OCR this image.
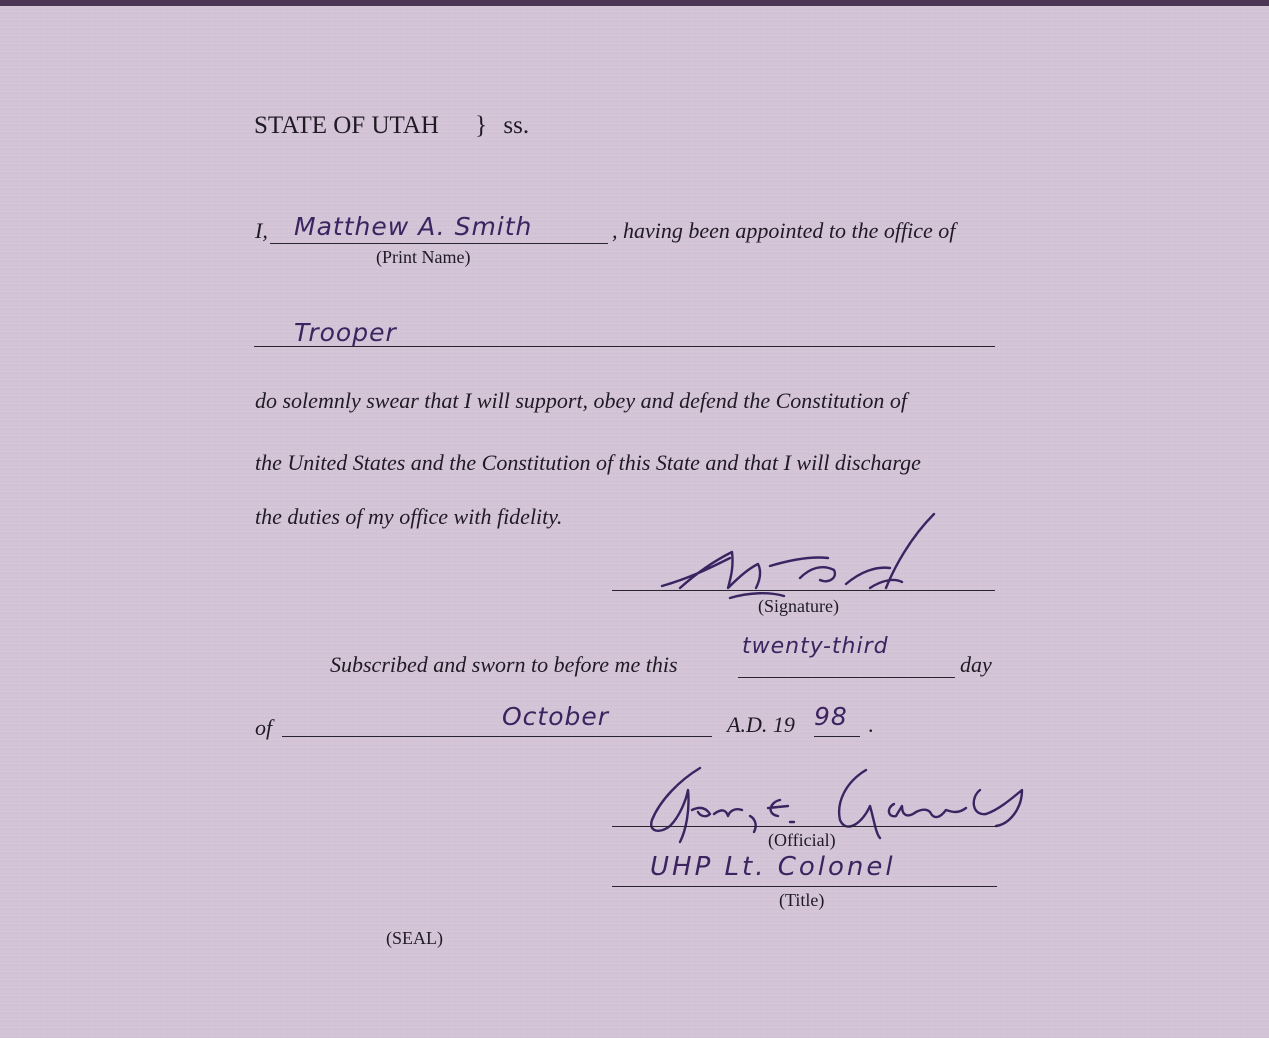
STATE OF UTAH } ss.
I, Matthew A. Smith	, having been appointed to the office of
(Print Name)
Trooper
do solemnly swear that I will support, obey and defend the Constitution of
the United States and the Constitution of this State and that I will discharge
the duties of my office with fidelity.
(Signature)
Subscribed and sworn to before me this
twenty-third
day
of	October	A.D. 19 98 .
(Official)
UHP Lt. Colonel
(Title)
(SEAL)
